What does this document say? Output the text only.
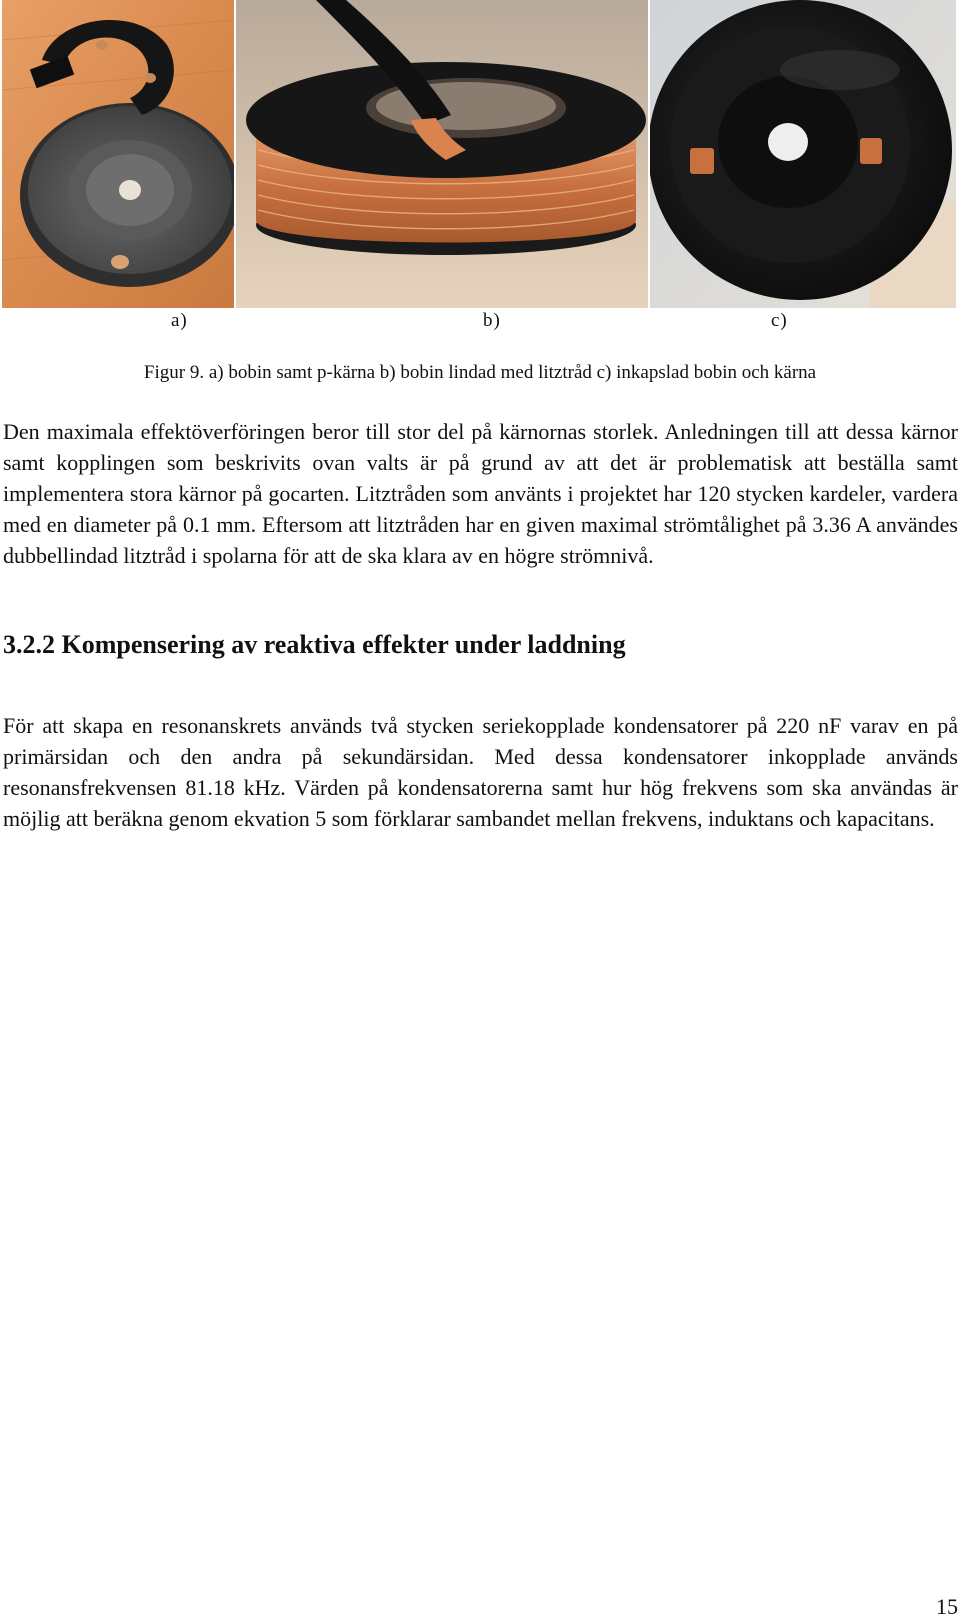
a)	b)	c)
Figur 9. a) bobin samt p-kärna b) bobin lindad med litztråd c) inkapslad bobin och kärna

Den maximala effektöverföringen beror till stor del på kärnornas storlek. Anledningen till att dessa kärnor samt kopplingen som beskrivits ovan valts är på grund av att det är problematisk att beställa samt implementera stora kärnor på gocarten. Litztråden som använts i projektet har 120 stycken kardeler, vardera med en diameter på 0.1 mm. Eftersom att litztråden har en given maximal strömtålighet på 3.36 A användes dubbellindad litztråd i spolarna för att de ska klara av en högre strömnivå.

3.2.2 Kompensering av reaktiva effekter under laddning

För att skapa en resonanskrets används två stycken seriekopplade kondensatorer på 220 nF varav en på primärsidan och den andra på sekundärsidan. Med dessa kondensatorer inkopplade används resonansfrekvensen 81.18 kHz. Värden på kondensatorerna samt hur hög frekvens som ska användas är möjlig att beräkna genom ekvation 5 som förklarar sambandet mellan frekvens, induktans och kapacitans.

15
